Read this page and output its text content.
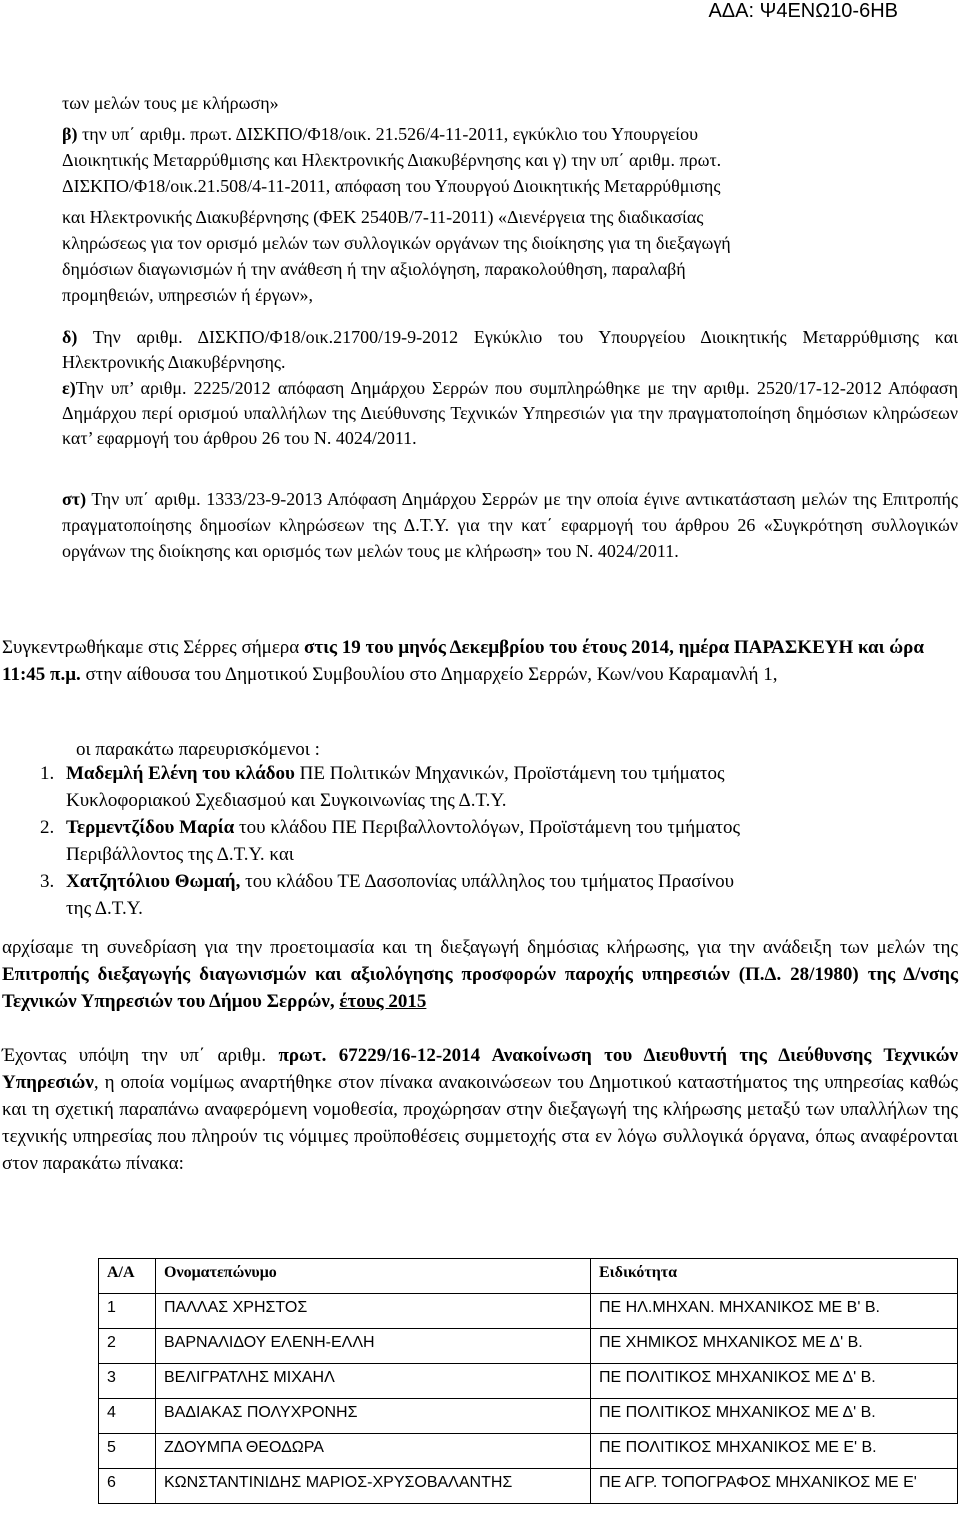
ΑΔΑ: Ψ4ΕΝΩ10-6ΗΒ

των μελών τους με κλήρωση»

β) την υπ΄ αριθμ. πρωτ. ΔΙΣΚΠΟ/Φ18/οικ. 21.526/4-11-2011, εγκύκλιο του Υπουργείου

Διοικητικής Μεταρρύθμισης και Ηλεκτρονικής Διακυβέρνησης και γ) την υπ΄ αριθμ. πρωτ.

ΔΙΣΚΠΟ/Φ18/οικ.21.508/4-11-2011, απόφαση του Υπουργού Διοικητικής Μεταρρύθμισης

και Ηλεκτρονικής Διακυβέρνησης (ΦΕΚ 2540Β/7-11-2011) «Διενέργεια της διαδικασίας

κληρώσεως για τον ορισμό μελών των συλλογικών οργάνων της διοίκησης για τη διεξαγωγή

δημόσιων διαγωνισμών ή την ανάθεση ή την αξιολόγηση, παρακολούθηση, παραλαβή

προμηθειών, υπηρεσιών ή έργων»,

δ) Την αριθμ. ΔΙΣΚΠΟ/Φ18/οικ.21700/19-9-2012 Εγκύκλιο του Υπουργείου Διοικητικής Μεταρρύθμισης και Ηλεκτρονικής Διακυβέρνησης.

ε)Την υπ’ αριθμ. 2225/2012 απόφαση Δημάρχου Σερρών που συμπληρώθηκε με την αριθμ. 2520/17-12-2012 Απόφαση Δημάρχου περί ορισμού υπαλλήλων της Διεύθυνσης Τεχνικών Υπηρεσιών για την πραγματοποίηση δημόσιων κληρώσεων κατ’ εφαρμογή του άρθρου 26 του Ν. 4024/2011.

στ) Την υπ΄ αριθμ. 1333/23-9-2013 Απόφαση Δημάρχου Σερρών με την οποία έγινε αντικατάσταση μελών της Επιτροπής πραγματοποίησης δημοσίων κληρώσεων της Δ.Τ.Υ. για την κατ΄ εφαρμογή του άρθρου 26 «Συγκρότηση συλλογικών οργάνων της διοίκησης και ορισμός των μελών τους με κλήρωση» του Ν. 4024/2011.

Συγκεντρωθήκαμε στις Σέρρες σήμερα στις 19 του μηνός Δεκεμβρίου του έτους 2014, ημέρα ΠΑΡΑΣΚΕΥΗ και ώρα 11:45 π.μ. στην αίθουσα του Δημοτικού Συμβουλίου στο Δημαρχείο Σερρών, Κων/νου Καραμανλή 1,

οι παρακάτω παρευρισκόμενοι :

1. Μαδεμλή Ελένη του κλάδου ΠΕ Πολιτικών Μηχανικών, Προϊστάμενη του τμήματος
Κυκλοφοριακού Σχεδιασμού και Συγκοινωνίας της Δ.Τ.Υ.
2. Τερμεντζίδου Μαρία του κλάδου ΠΕ Περιβαλλοντολόγων, Προϊστάμενη του τμήματος
Περιβάλλοντος της Δ.Τ.Υ. και
3. Χατζητόλιου Θωμαή, του κλάδου ΤΕ Δασοπονίας υπάλληλος του τμήματος Πρασίνου
της Δ.Τ.Υ.

αρχίσαμε τη συνεδρίαση για την προετοιμασία και τη διεξαγωγή δημόσιας κλήρωσης, για την ανάδειξη των μελών της Επιτροπής διεξαγωγής διαγωνισμών και αξιολόγησης προσφορών παροχής υπηρεσιών (Π.Δ. 28/1980) της Δ/νσης Τεχνικών Υπηρεσιών του Δήμου Σερρών, έτους 2015

Έχοντας υπόψη την υπ΄ αριθμ. πρωτ. 67229/16-12-2014 Ανακοίνωση του Διευθυντή της Διεύθυνσης Τεχνικών Υπηρεσιών, η οποία νομίμως αναρτήθηκε στον πίνακα ανακοινώσεων του Δημοτικού καταστήματος της υπηρεσίας καθώς και τη σχετική παραπάνω αναφερόμενη νομοθεσία, προχώρησαν στην διεξαγωγή της κλήρωσης μεταξύ των υπαλλήλων της τεχνικής υπηρεσίας που πληρούν τις νόμιμες προϋποθέσεις συμμετοχής στα εν λόγω συλλογικά όργανα, όπως αναφέρονται στον παρακάτω πίνακα:

Α/Α	Ονοματεπώνυμο	Ειδικότητα
1	ΠΑΛΛΑΣ ΧΡΗΣΤΟΣ	ΠΕ ΗΛ.ΜΗΧΑΝ. ΜΗΧΑΝΙΚΟΣ ΜΕ Β' Β.
2	ΒΑΡΝΑΛΙΔΟΥ ΕΛΕΝΗ-ΕΛΛΗ	ΠΕ ΧΗΜΙΚΟΣ ΜΗΧΑΝΙΚΟΣ ΜΕ Δ' Β.
3	ΒΕΛΙΓΡΑΤΛΗΣ ΜΙΧΑΗΛ	ΠΕ ΠΟΛΙΤΙΚΟΣ ΜΗΧΑΝΙΚΟΣ ΜΕ Δ' Β.
4	ΒΑΔΙΑΚΑΣ ΠΟΛΥΧΡΟΝΗΣ	ΠΕ ΠΟΛΙΤΙΚΟΣ ΜΗΧΑΝΙΚΟΣ ΜΕ Δ' Β.
5	ΖΔΟΥΜΠΑ ΘΕΟΔΩΡΑ	ΠΕ ΠΟΛΙΤΙΚΟΣ ΜΗΧΑΝΙΚΟΣ ΜΕ Ε' Β.
6	ΚΩΝΣΤΑΝΤΙΝΙΔΗΣ ΜΑΡΙΟΣ-ΧΡΥΣΟΒΑΛΑΝΤΗΣ	ΠΕ ΑΓΡ. ΤΟΠΟΓΡΑΦΟΣ ΜΗΧΑΝΙΚΟΣ ΜΕ Ε'
